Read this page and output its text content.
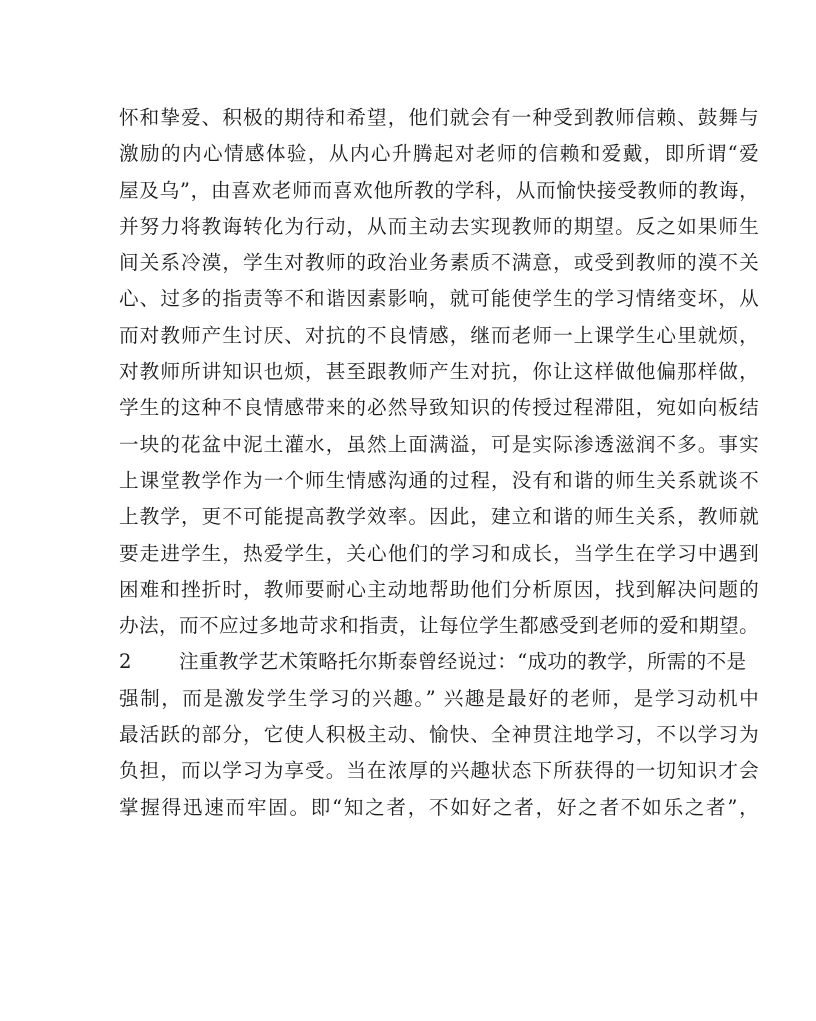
怀和挚爱、积极的期待和希望，他们就会有一种受到教师信赖、鼓舞与
激励的内心情感体验，从内心升腾起对老师的信赖和爱戴，即所谓“爱
屋及乌”，由喜欢老师而喜欢他所教的学科，从而愉快接受教师的教诲，
并努力将教诲转化为行动，从而主动去实现教师的期望。反之如果师生
间关系冷漠，学生对教师的政治业务素质不满意，或受到教师的漠不关
心、过多的指责等不和谐因素影响，就可能使学生的学习情绪变坏，从
而对教师产生讨厌、对抗的不良情感，继而老师一上课学生心里就烦，
对教师所讲知识也烦，甚至跟教师产生对抗，你让这样做他偏那样做，
学生的这种不良情感带来的必然导致知识的传授过程滞阻，宛如向板结
一块的花盆中泥土灌水，虽然上面满溢，可是实际渗透滋润不多。事实
上课堂教学作为一个师生情感沟通的过程，没有和谐的师生关系就谈不
上教学，更不可能提高教学效率。因此，建立和谐的师生关系，教师就
要走进学生，热爱学生，关心他们的学习和成长，当学生在学习中遇到
困难和挫折时，教师要耐心主动地帮助他们分析原因，找到解决问题的
办法，而不应过多地苛求和指责，让每位学生都感受到老师的爱和期望。
2 注重教学艺术策略托尔斯泰曾经说过：“成功的教学，所需的不是
强制，而是激发学生学习的兴趣。” 兴趣是最好的老师，是学习动机中
最活跃的部分，它使人积极主动、愉快、全神贯注地学习，不以学习为
负担，而以学习为享受。当在浓厚的兴趣状态下所获得的一切知识才会
掌握得迅速而牢固。即“知之者，不如好之者，好之者不如乐之者”，
